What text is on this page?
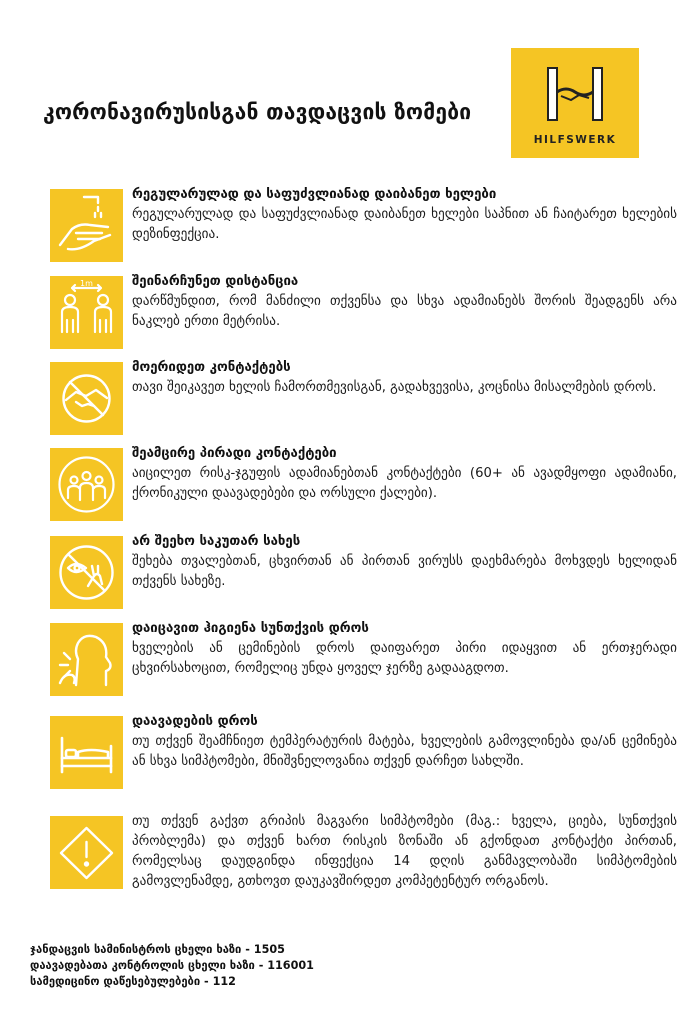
კორონავირუსისგან თავდაცვის ზომები
HILFSWERK
რეგულარულად და საფუძვლიანად დაიბანეთ ხელები
რეგულარულად და საფუძვლიანად დაიბანეთ ხელები საპნით ან ჩაიტარეთ ხელების დეზინფექცია.
1m	შეინარჩუნეთ დისტანცია
დარწმუნდით, რომ მანძილი თქვენსა და სხვა ადამიანებს შორის შეადგენს არა ნაკლებ ერთი მეტრისა.
მოერიდეთ კონტაქტებს
თავი შეიკავეთ ხელის ჩამორთმევისგან, გადახვევისა, კოცნისა მისალმების დროს.
შეამცირე პირადი კონტაქტები
აიცილეთ რისკ-ჯგუფის ადამიანებთან კონტაქტები (60+ ან ავადმყოფი ადამიანი, ქრონიკული დაავადებები და ორსული ქალები).
არ შეეხო საკუთარ სახეს
შეხება თვალებთან, ცხვირთან ან პირთან ვირუსს დაეხმარება მოხვდეს ხელიდან თქვენს სახეზე.
დაიცავით ჰიგიენა სუნთქვის დროს
ხველების ან ცემინების დროს დაიფარეთ პირი იდაყვით ან ერთჯერადი ცხვირსახოცით, რომელიც უნდა ყოველ ჯერზე გადააგდოთ.
დაავადების დროს
თუ თქვენ შეამჩნიეთ ტემპერატურის მატება, ხველების გამოვლინება და/ან ცემინება ან სხვა სიმპტომები, მნიშვნელოვანია თქვენ დარჩეთ სახლში.
თუ თქვენ გაქვთ გრიპის მაგვარი სიმპტომები (მაგ.: ხველა, ციება, სუნთქვის პრობლემა) და თქვენ ხართ რისკის ზონაში ან გქონდათ კონტაქტი პირთან, რომელსაც დაუდგინდა ინფექცია 14 დღის განმავლობაში სიმპტომების გამოვლენამდე, გთხოვთ დაუკავშირდეთ კომპეტენტურ ორგანოს.
ჯანდაცვის სამინისტროს ცხელი ხაზი - 1505
დაავადებათა კონტროლის ცხელი ხაზი - 116001
სამედიცინო დაწესებულებები - 112
